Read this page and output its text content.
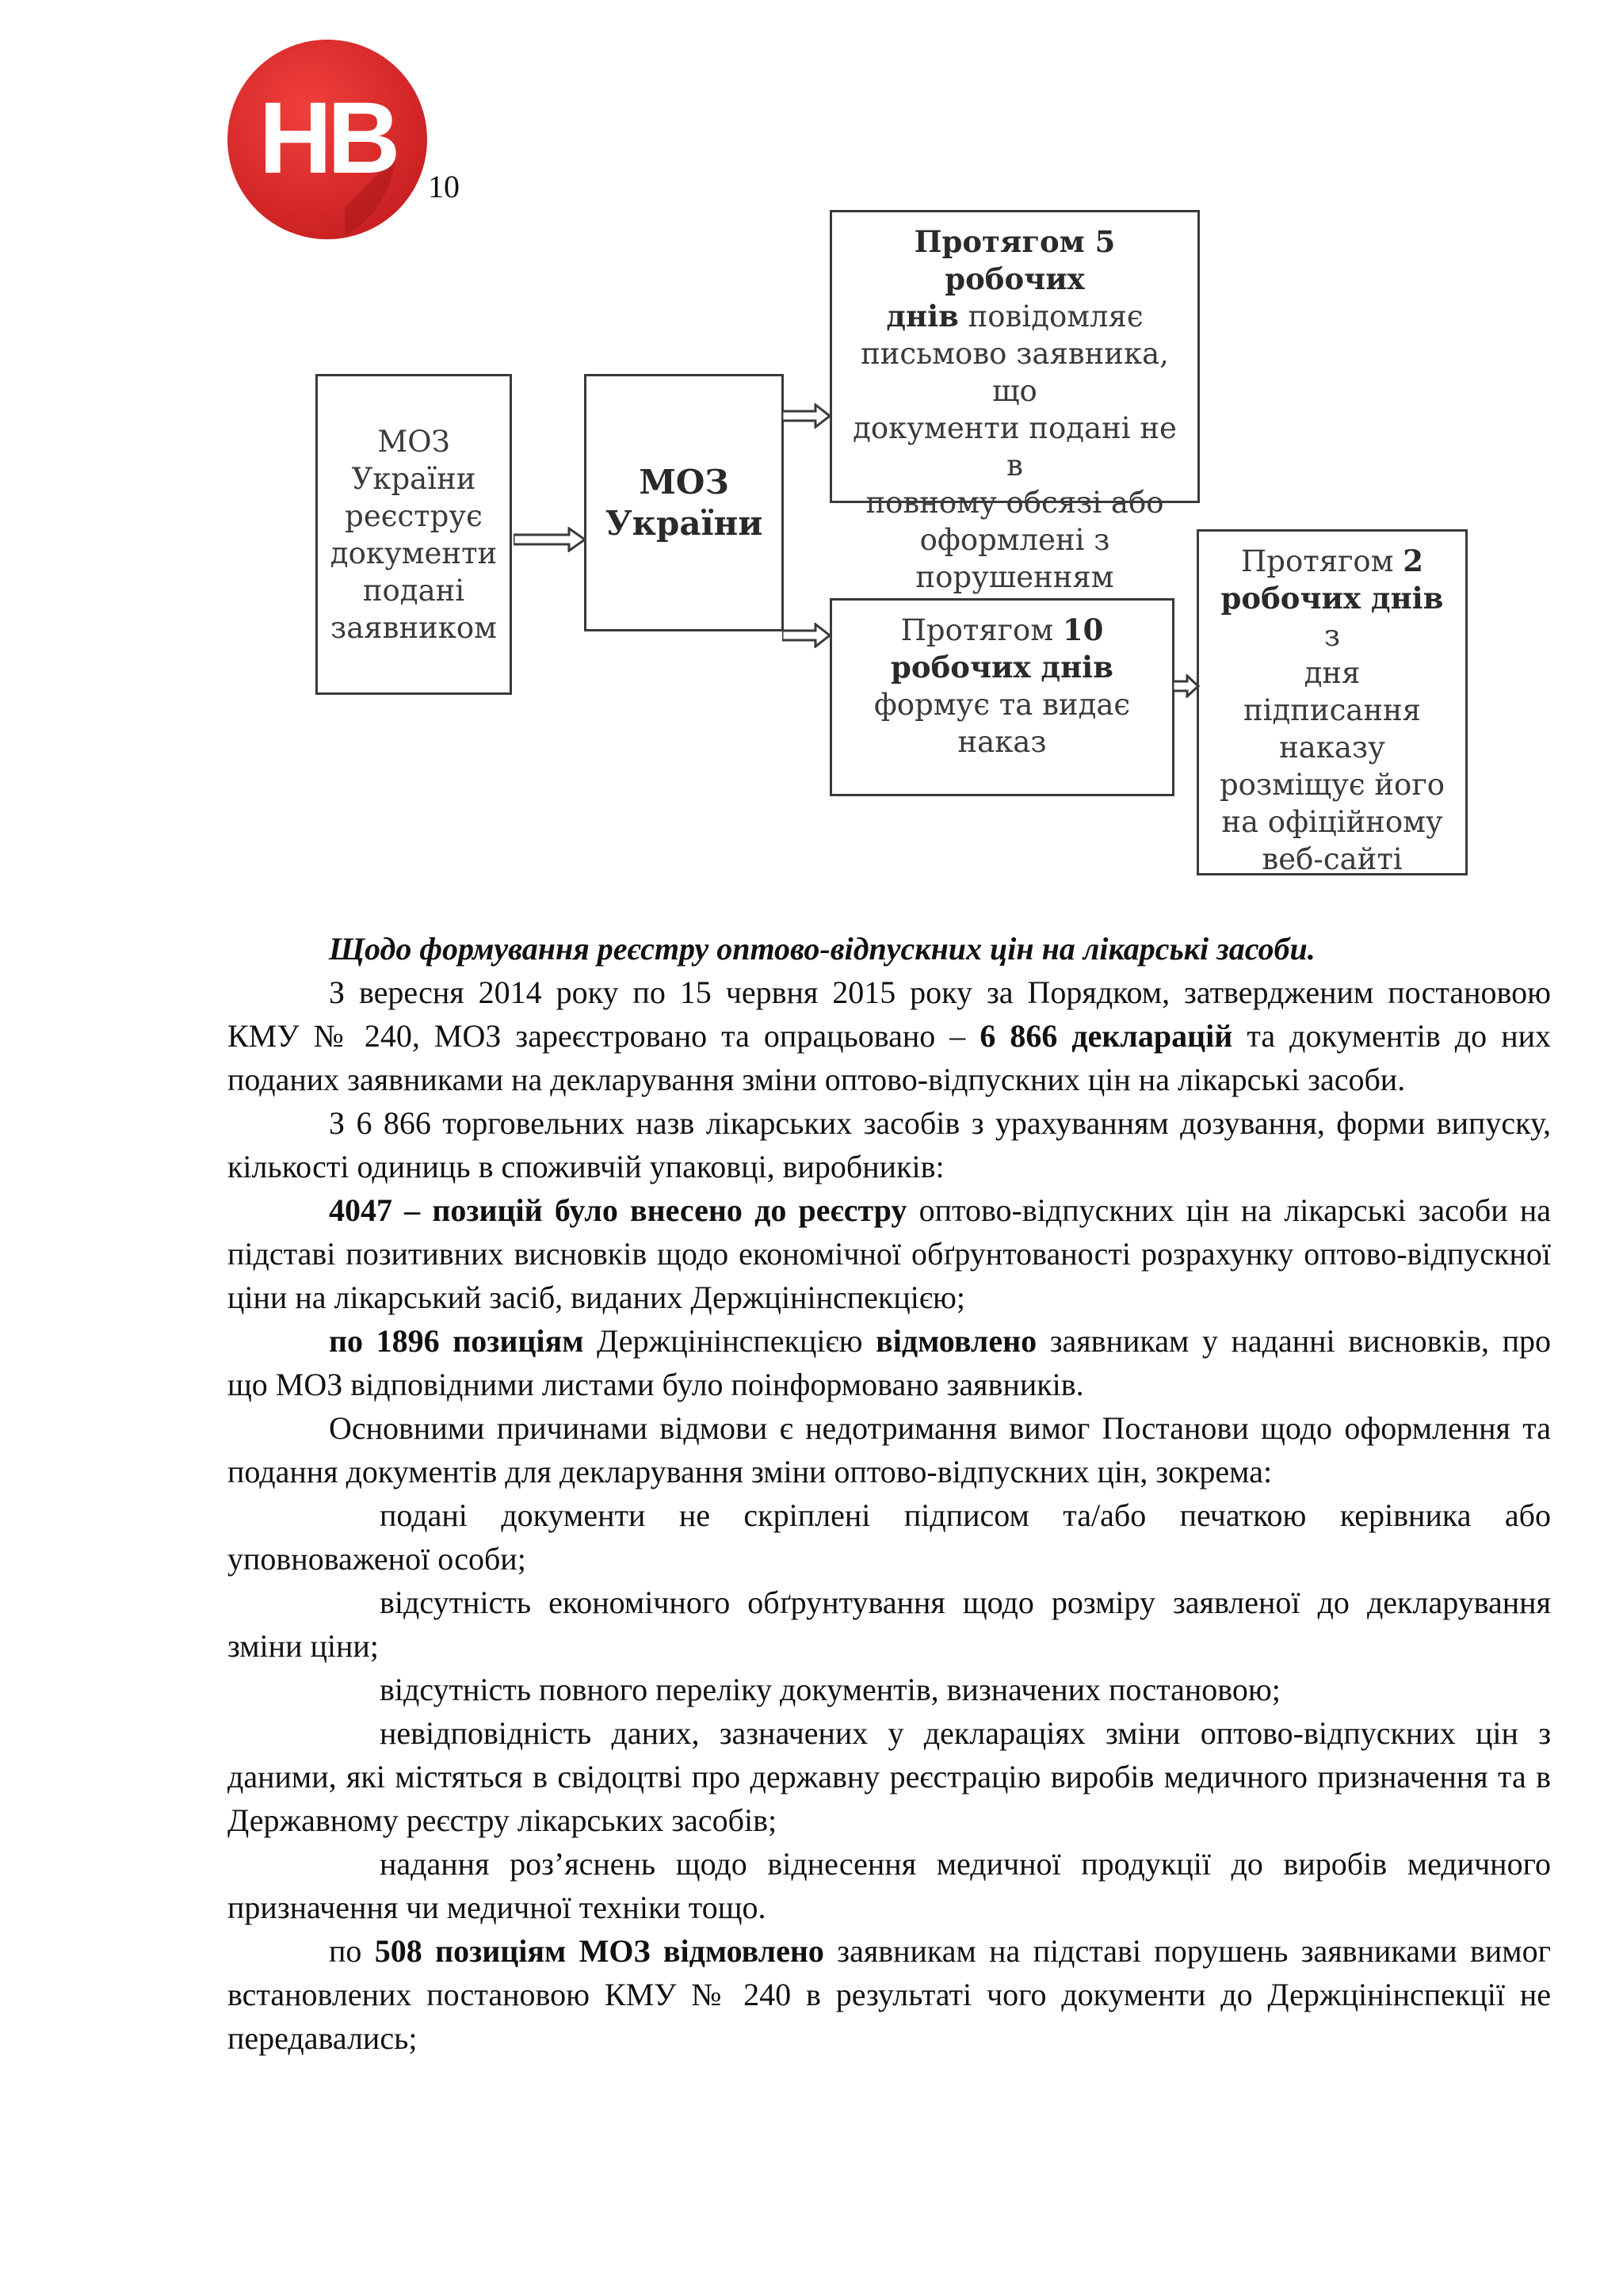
НВ 10
МОЗ
України
реєструє
документи
подані
заявником
МОЗ
України
Протягом 5 робочих
днів повідомляє
письмово заявника, що
документи подані не в
повному обсязі або
оформлені з
порушенням
Протягом 10
робочих днів
формує та видає
наказ
Протягом 2
робочих днів з
дня підписання
наказу
розміщує його
на офіційному
веб-сайті

Щодо формування реєстру оптово-відпускних цін на лікарські засоби.

З вересня 2014 року по 15 червня 2015 року за Порядком, затвердженим постановою КМУ № 240, МОЗ зареєстровано та опрацьовано – 6 866 декларацій та документів до них поданих заявниками на декларування зміни оптово-відпускних цін на лікарські засоби.

З 6 866 торговельних назв лікарських засобів з урахуванням дозування, форми випуску, кількості одиниць в споживчій упаковці, виробників:

4047 – позицій було внесено до реєстру оптово-відпускних цін на лікарські засоби на підставі позитивних висновків щодо економічної обґрунтованості розрахунку оптово-відпускної ціни на лікарський засіб, виданих Держцінінспекцією;

по 1896 позиціям Держцінінспекцією відмовлено заявникам у наданні висновків, про що МОЗ відповідними листами було поінформовано заявників.

Основними причинами відмови є недотримання вимог Постанови щодо оформлення та подання документів для декларування зміни оптово-відпускних цін, зокрема:

подані документи не скріплені підписом та/або печаткою керівника або уповноваженої особи;

відсутність економічного обґрунтування щодо розміру заявленої до декларування зміни ціни;

відсутність повного переліку документів, визначених постановою;

невідповідність даних, зазначених у деклараціях зміни оптово-відпускних цін з даними, які містяться в свідоцтві про державну реєстрацію виробів медичного призначення та в Державному реєстру лікарських засобів;

надання роз’яснень щодо віднесення медичної продукції до виробів медичного призначення чи медичної техніки тощо.

по 508 позиціям МОЗ відмовлено заявникам на підставі порушень заявниками вимог встановлених постановою КМУ № 240 в результаті чого документи до Держцінінспекції не передавались;
